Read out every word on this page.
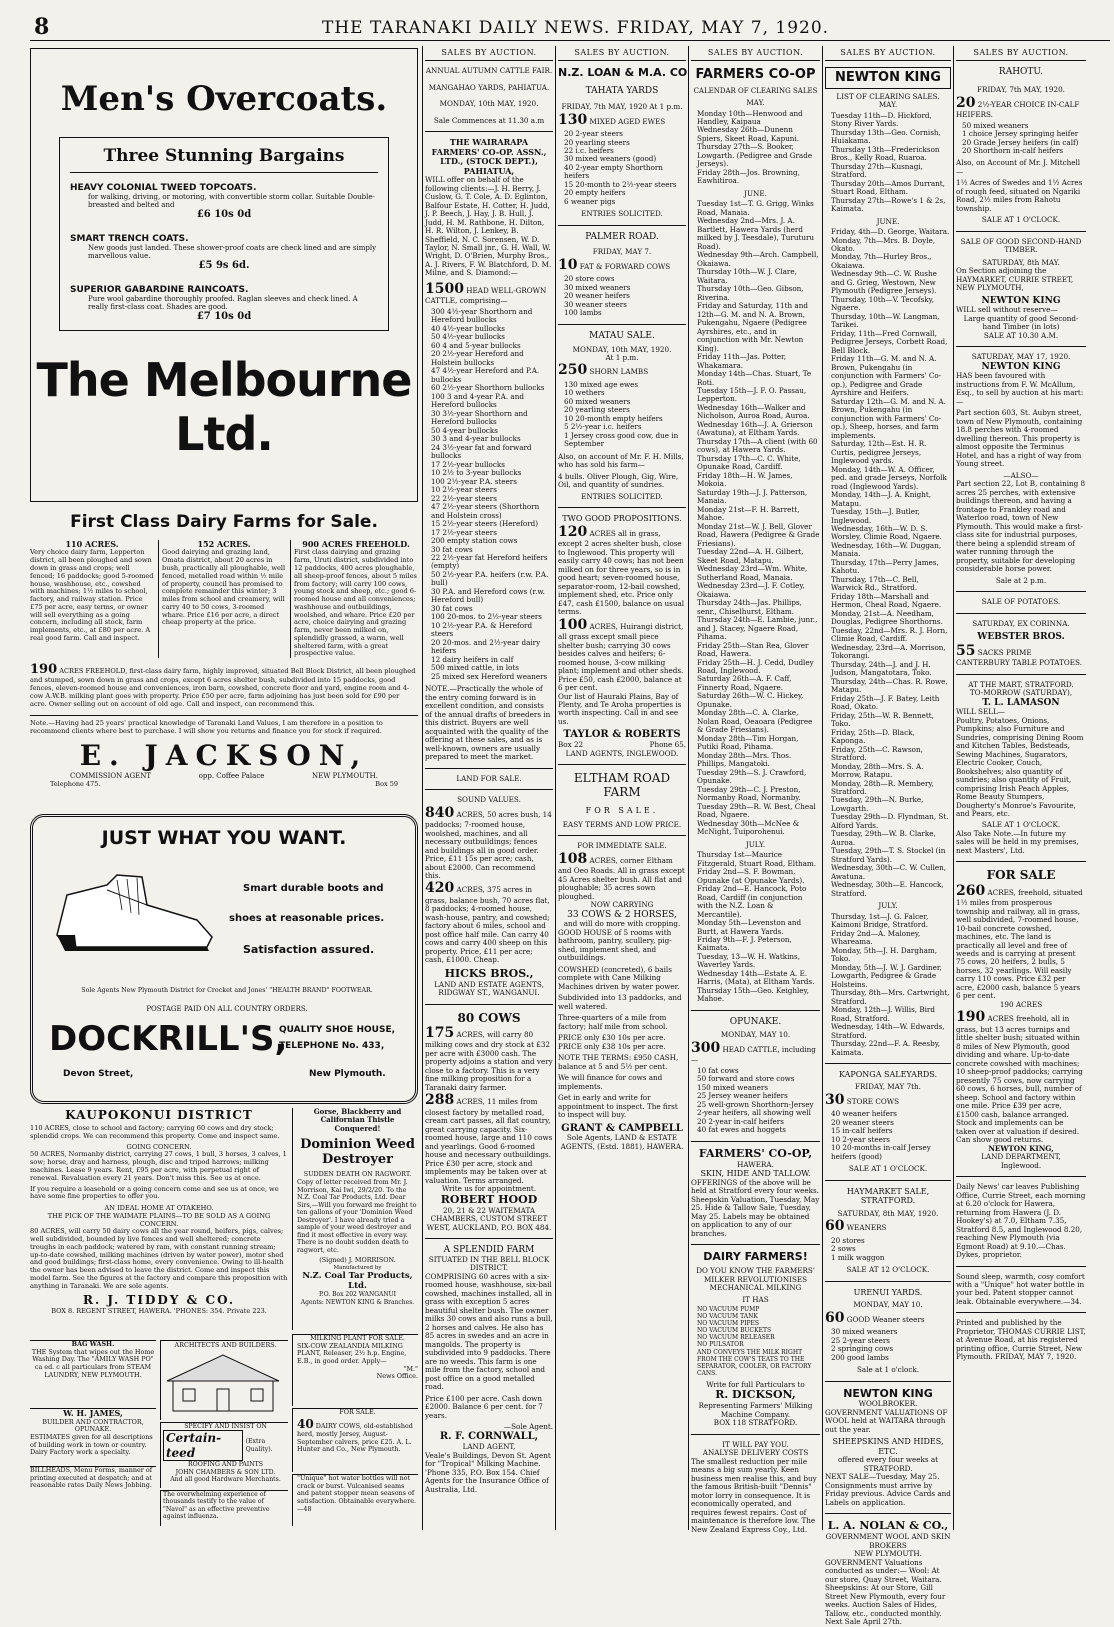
8	THE TARANAKI DAILY NEWS. FRIDAY, MAY 7, 1920.
Men's Overcoats.
Three Stunning Bargains
HEAVY COLONIAL TWEED TOPCOATS.
for walking, driving, or motoring, with convertible storm collar. Suitable Double-breasted and belted and
£6 10s 0d
SMART TRENCH COATS.
New goods just landed. These shower-proof coats are check lined and are simply marvellous value.
£5 9s 6d.
SUPERIOR GABARDINE RAINCOATS.
Pure wool gabardine thoroughly proofed. Raglan sleeves and check lined. A really first-class coat. Shades are good.
£7 10s 0d
The Melbourne Ltd.
First Class Dairy Farms for Sale.
110 ACRES.
Very choice dairy farm, Lepperton district, all been ploughed and sown down in grass and crops; well fenced; 16 paddocks; good 5-roomed house, washhouse, etc., cowshed with machines; 1½ miles to school, factory, and railway station. Price £75 per acre, easy terms, or owner will sell everything as a going concern, including all stock, farm implements, etc., at £80 per acre. A real good farm. Call and inspect.
152 ACRES.
Good dairying and grazing land, Omata district, about 20 acres in bush, practically all ploughable, well fenced, metalled road within ½ mile of property, council has promised to complete remainder this winter; 3 miles from school and creamery, will carry 40 to 50 cows, 3-roomed whare. Price £16 per acre, a direct cheap property at the price.
900 ACRES FREEHOLD.
First class dairying and grazing farm, Uruti district, subdivided into 12 paddocks, 400 acres ploughable, all sheep-proof fences, about 5 miles from factory; will carry 100 cows, young stock and sheep, etc.; good 6-roomed house and all conveniences; washhouse and outbuildings, woolshed, and whare. Price £20 per acre, choice dairying and grazing farm, never been milked on, splendidly grassed, a warm, well sheltered farm, with a great prospective value.
190 ACRES FREEHOLD, first-class dairy farm, highly improved, situated Bell Block District, all been ploughed and stumped, sown down in grass and crops, except 6 acres shelter bush, subdivided into 15 paddocks, good fences, eleven-roomed house and conveniences, iron barn, cowshed, concrete floor and yard, engine room and 4-cow A.W.B. milking plant goes with property. Price £50 per acre, farm adjoining has just been sold for £90 per acre. Owner selling out on account of old age. Call and inspect, can recommend this.
Note.—Having had 25 years' practical knowledge of Taranaki Land Values, I am therefore in a position to recommend clients where best to purchase. I will show you returns and finance you for stock if required.
E. JACKSON,
COMMISSION AGENT	opp. Coffee Palace	NEW PLYMOUTH.
Telephone 475.	Box 59
JUST WHAT YOU WANT.
Smart durable boots and
shoes at reasonable prices.
Satisfaction assured.
Sole Agents New Plymouth District for Crocket and Jones' "HEALTH BRAND" FOOTWEAR.
POSTAGE PAID ON ALL COUNTRY ORDERS.
DOCKRILL'S,
QUALITY SHOE HOUSE,
TELEPHONE No. 433,
Devon Street,	New Plymouth.
KAUPOKONUI DISTRICT

110 ACRES, close to school and factory; carrying 60 cows and dry stock; splendid crops. We can recommend this property. Come and inspect same.

GOING CONCERN.

50 ACRES, Normanby district, carrying 27 cows, 1 bull, 3 horses, 3 calves, 1 sow; horse, dray and harness, plough, disc and tripod harrows; milking machines. Lease 9 years. Rent, £95 per acre, with perpetual right of renewal. Revaluation every 21 years. Don't miss this. See us at once.

If you require a leasehold or a going concern come and see us at once, we have some fine properties to offer you.

AN IDEAL HOME AT OTAKEHO.
THE PICK OF THE WAIMATE PLAINS—TO BE SOLD AS A GOING CONCERN.

80 ACRES, will carry 50 dairy cows all the year round, heifers, pigs, calves; well subdivided, bounded by live fences and well sheltered; concrete troughs in each paddock; watered by ram, with constant running stream; up-to-date cowshed, milking machines (driven by water power), motor shed and good buildings; first-class home, every convenience. Owing to ill-health the owner has been advised to leave the district. Come and inspect this model farm. See the figures at the factory and compare this proposition with anything in Taranaki. We are sole agents.

R. J. TIDDY & CO.
BOX 8. REGENT STREET, HAWERA. 'PHONES: 354. Private 223.
Gorse, Blackberry and Californian Thistle Conquered!
Dominion Weed Destroyer
SUDDEN DEATH ON RAGWORT.

Copy of letter received from Mr. J. Morrison, Kai Iwi, 29/2/20. To the N.Z. Coal Tar Products, Ltd. Dear Sirs,—Will you forward me freight to ten gallons of your 'Dominion Weed Destroyer'. I have already tried a sample of your weed destroyer and find it most effective in every way. There is no doubt sudden death to ragwort, etc.

(Signed) J. MORRISON.
Manufactured by
N.Z. Coal Tar Products, Ltd.
P.O. Box 202 WANGANUI
Agents: NEWTON KING & Branches.
BAG WASH.
THE System that wipes out the Home Washing Day. The "AMILY WASH PO" ca ed. c all particulars from STEAM LAUNDRY, NEW PLYMOUTH.
ARCHITECTS AND BUILDERS.
W. H. JAMES,
BUILDER AND CONTRACTOR, OPUNAKE.
ESTIMATES given for all descriptions of building work in town or country. Dairy Factory work a specialty.
SPECIFY AND INSIST ON
Certain-teed
(Extra Quality).
ROOFING AND PAINTS
JOHN CHAMBERS & SON LTD.
And all good Hardware Merchants.
BILLHEADS, Menu Forms, manner of printing executed at despatch; and at reasonable rates Daily News Jobbing.
The overwhelming experience of thousands testify to the value of "Navol" as an effective preventive against influenza.
MILKING PLANT FOR SALE.
SIX-COW ZEALANDIA MILKING PLANT, Releaser, 2½ h.p. Engine, E.B., in good order. Apply—
"M."
News Office.
FOR SALE.
40 DAIRY COWS, old-established herd, mostly Jersey, August-September calvers, price £25. A. L. Hunter and Co., New Plymouth.
"Unique" hot water bottles will not crack or burst. Vulcanised seams and patent stopper mean seasons of satisfaction. Obtainable everywhere.—48
SALES BY AUCTION.
ANNUAL AUTUMN CATTLE FAIR.
MANGAHAO YARDS, PAHIATUA.
MONDAY, 10th MAY, 1920.
Sale Commences at 11.30 a.m
THE WAIRARAPA FARMERS' CO-OP. ASSN., LTD., (STOCK DEPT.), PAHIATUA,

WILL offer on behalf of the following clients:—J. H. Berry, J. Cuslow, G. T. Cole, A. D. Eglinton, Balfour Estate, H. Cotter, H. Judd, J. P. Beech, J. Hay, J. B. Hull, J. Judd, H. M. Rathbone, H. Dilton, H. R. Wilton, J. Lenkey, B. Sheffield, N. C. Sorensen, W. D. Taylor, N. Small jnr., G. H. Wall, W. Wright, D. O'Brien, Murphy Bros., A. J. Rivers, F. W. Blatchford, D. M. Milne, and S. Diamond:—

1500 HEAD WELL-GROWN CATTLE, comprising—
300 4½-year Shorthorn and Hereford bullocks
40 4½-year bullocks
50 4½-year bullocks
60 4 and 5-year bullocks
20 2½-year Hereford and Holstein bullocks
47 4½-year Hereford and P.A. bullocks
60 2½-year Shorthorn bullocks
100 3 and 4-year P.A. and Hereford bullocks
30 3½-year Shorthorn and Hereford bullocks
50 4-year bullocks
30 3 and 4-year bullocks
24 3½-year fat and forward bullocks
17 2½-year bullocks
10 2½ to 3-year bullocks
100 2½-year P.A. steers
10 2½-year steers
22 2½-year steers
47 2½-year steers (Shorthorn and Holstein cross)
15 2½-year steers (Hereford)
17 2½-year steers
200 empty station cows
30 fat cows
22 2½-year fat Hereford heifers (empty)
50 2½-year P.A. heifers (r.w. P.A. bull)
30 P.A. and Hereford cows (r.w. Hereford bull)
30 fat cows
100 20-mos. to 2½-year steers
10 2½-year P.A. & Hereford steers
20 20-mos. and 2½-year dairy heifers
12 dairy heifers in calf
500 mixed cattle, in lots
25 mixed sex Hereford weaners

NOTE.—Practically the whole of the entry coming forward is in excellent condition, and consists of the annual drafts of breeders in this district. Buyers are well acquainted with the quality of the offering at these sales, and as is well-known, owners are usually prepared to meet the market.

LAND FOR SALE.
SOUND VALUES.
840 ACRES, 50 acres bush, 14 paddocks; 7-roomed house, woolshed, machines, and all necessary outbuildings; fences and buildings all in good order. Price, £11 15s per acre; cash, about £2000. Can recommend this.
420 ACRES, 375 acres in grass, balance bush, 70 acres flat, 8 paddocks; 4-roomed house, wash-house, pantry, and cowshed; factory about 6 miles, school and post office half mile. Can carry 40 cows and carry 400 sheep on this property. Price, £11 per acre; cash, £1000. Cheap.
HICKS BROS.,
LAND AND ESTATE AGENTS,
RIDGWAY ST., WANGANUI.
80 COWS
175 ACRES, will carry 80 milking cows and dry stock at £32 per acre with £3000 cash. The property adjoins a station and very close to a factory. This is a very fine milking proposition for a Taranaki dairy farmer.
288 ACRES, 11 miles from closest factory by metalled road, cream cart passes, all flat country, great carrying capacity. Six-roomed house, large and 110 cows and yearlings. Good 6-roomed house and necessary outbuildings. Price £30 per acre, stock and implements may be taken over at valuation. Terms arranged.
Write us for appointment.
ROBERT HOOD
20, 21 & 22 WAITEMATA CHAMBERS, CUSTOM STREET WEST, AUCKLAND, P.O. BOX 484.
A SPLENDID FARM
SITUATED IN THE BELL BLOCK DISTRICT.

COMPRISING 60 acres with a six-roomed house, washhouse, six-bail cowshed, machines installed, all in grass with exception 5 acres beautiful shelter bush. The owner milks 30 cows and also runs a bull, 2 horses and calves. He also has 85 acres in swedes and an acre in mangolds. The property is subdivided into 9 paddocks. There are no weeds. This farm is one mile from the factory, school and post office on a good metalled road.

Price £100 per acre. Cash down £2000. Balance 6 per cent. for 7 years.

—Sole Agent.
R. F. CORNWALL,
LAND AGENT,
Veale's Buildings, Devon St. Agent for "Tropical" Milking Machine. 'Phone 335, P.O. Box 154. Chief Agents for the Insurance Office of Australia, Ltd.
SALES BY AUCTION.
N.Z. LOAN & M.A. CO
TAHATA YARDS
FRIDAY, 7th MAY, 1920 At 1 p.m.
130 MIXED AGED EWES
20 2-year steers
20 yearling steers
22 i.c. heifers
30 mixed weaners (good)
40 2-year empty Shorthorn heifers
15 20-month to 2½-year steers
20 empty heifers
6 weaner pigs
ENTRIES SOLICITED.
PALMER ROAD.
FRIDAY, MAY 7.
10 FAT & FORWARD COWS
20 store cows
30 mixed weaners
20 weaner heifers
30 weaner steers
100 lambs
MATAU SALE.
MONDAY, 10th MAY, 1920.
At 1 p.m.
250 SHORN LAMBS
130 mixed age ewes
10 wethers
60 mixed weaners
20 yearling steers
10 20-month empty heifers
5 2½-year i.c. heifers
1 Jersey cross good cow, due in September

Also, on account of Mr. F. H. Mills, who has sold his farm—

4 bulls. Oliver Plough, Gig, Wire, Oil, and quantity of sundries.

ENTRIES SOLICITED.
TWO GOOD PROPOSITIONS.
120 ACRES all in grass, except 2 acres shelter bush, close to Inglewood. This property will easily carry 40 cows; has not been milked on for three years, so is in good heart; seven-roomed house, separator-room, 12-bail cowshed, implement shed, etc. Price only £47, cash £1500, balance on usual terms.
100 ACRES, Huirangi district, all grass except small piece shelter bush; carrying 30 cows besides calves and heifers; 6-roomed house, 3-cow milking plant; implement and other sheds. Price £50, cash £2000, balance at 6 per cent.

Our list of Hauraki Plains, Bay of Plenty, and Te Aroha properties is worth inspecting. Call in and see us.

TAYLOR & ROBERTS
Box 22	Phone 65.
LAND AGENTS, INGLEWOOD.
ELTHAM ROAD FARM
FOR SALE.
EASY TERMS AND LOW PRICE.
FOR IMMEDIATE SALE.
108 ACRES, corner Eltham and Oeo Roads. All in grass except 45 Acres shelter bush. All flat and ploughable; 35 acres sown ploughed.
NOW CARRYING
33 COWS & 2 HORSES,
and will do more with cropping.

GOOD HOUSE of 5 rooms with bathroom, pantry, scullery, pig-shed, implement shed, and outbuildings.

COWSHED (concreted), 6 bails complete with Cane Milking Machines driven by water power.

Subdivided into 13 paddocks, and well watered.

Three-quarters of a mile from factory; half mile from school.

PRICE only £30 10s per acre. PRICE only £38 10s per acre.

NOTE THE TERMS: £950 CASH, balance at 5 and 5½ per cent.

We will finance for cows and implements.

Get in early and write for appointment to inspect. The first to inspect will buy.

GRANT & CAMPBELL
Sole Agents, LAND & ESTATE AGENTS, (Estd. 1881), HAWERA.
SALES BY AUCTION.
FARMERS CO-OP
CALENDAR OF CLEARING SALES
MAY.
Monday 10th—Henwood and Handley, Kaipaua
Wednesday 26th—Dunenn Spiers, Skeet Road, Kapuni.
Thursday 27th—S. Booker, Lowgarth. (Pedigree and Grade Jerseys).
Friday 28th—Jos. Browning, Eawhitiroa.
JUNE.
Tuesday 1st—T. G. Grigg, Winks Road, Manaia.
Wednesday 2nd—Mrs. J. A. Bartlett, Hawera Yards (herd milked by J. Teesdale), Turuturu Road).
Wednesday 9th—Arch. Campbell, Okaiawa.
Thursday 10th—W. J. Clare, Waitara.
Thursday 10th—Geo. Gibson, Riverina.
Friday and Saturday, 11th and 12th—G. M. and N. A. Brown, Pukengahu, Ngaere (Pedigree Ayrshires, etc., and in conjunction with Mr. Newton King).
Friday 11th—Jas. Potter, Whakamara.
Monday 14th—Chas. Stuart, Te Roti.
Tuesday 15th—J. F. O. Passau, Lepperton.
Wednesday 16th—Walker and Nicholson, Auroa Road, Auroa.
Wednesday 16th—J. A. Grierson (Awatuna), at Eltham Yards.
Thursday 17th—A client (with 60 cows), at Hawera Yards.
Thursday 17th—C. C. White, Opunake Road, Cardiff.
Friday 18th—H. W. James, Mokoia.
Saturday 19th—J. J. Patterson, Manaia.
Monday 21st—F. H. Barrett, Mahoe.
Monday 21st—W. J. Bell, Glover Road, Hawera (Pedigree & Grade Friesians).
Tuesday 22nd—A. H. Gilbert, Skeet Road, Matapu.
Wednesday 23rd—Wm. White, Sutherland Road, Manaia.
Wednesday 23rd—J. F. Cotley, Okaiawa.
Thursday 24th—Jas. Phillips, senr., Chiselhurst, Eltham.
Thursday 24th—E. Lambie, junr., and J. Stacey, Ngaere Road, Pihama.
Friday 25th—Stan Rea, Glover Road, Hawera.
Friday 25th—H. J. Cedd, Dudley Road, Inglewood.
Saturday 26th—A. F. Caff, Finnerty Road, Ngaere.
Saturday 26th—W. C. Hickey, Opunake.
Monday 28th—C. A. Clarke, Nolan Road, Oeaoara (Pedigree & Grade Friesians).
Monday 28th—Tim Horgan, Putiki Road, Pihama.
Monday 28th—Mrs. Thos. Phillips, Mangatoki.
Tuesday 29th—S. J. Crawford, Opunake.
Tuesday 29th—C. J. Preston, Normanby Road, Normanby.
Tuesday 29th—R. W. Best, Cheal Road, Ngaere.
Wednesday 30th—McNee & McNight, Tuiporohenui.
JULY.
Thursday 1st—Maurice Fitzgerald, Stuart Road, Eltham.
Friday 2nd—S. F. Bowman, Opunake (at Opunake Yards).
Friday 2nd—E. Hancock, Poto Road, Cardiff (in conjunction with the N.Z. Loan & Mercantile).
Monday 5th—Levenston and Burtt, at Hawera Yards.
Friday 9th—F. J. Peterson, Kaimata.
Tuesday, 13—W. H. Watkins, Waverley Yards.
Wednesday 14th—Estate A. E. Harris, (Mata), at Eltham Yards.
Thursday 15th—Geo. Keighley, Mahoe.
OPUNAKE.
MONDAY, MAY 10.
300 HEAD CATTLE, including—
10 fat cows
50 forward and store cows
150 mixed weaners
25 Jersey weaner heifers
25 well-grown Shorthorn-Jersey 2-year heifers, all showing well
20 2-year in-calf heifers
40 fat ewes and hoggets
FARMERS' CO-OP,
HAWERA.
SKIN, HIDE AND TALLOW.

OFFERINGS of the above will be held at Stratford every four weeks. Sheepskin Valuation, Tuesday, May 25. Hide & Tallow Sale, Tuesday, May 25. Labels may be obtained on application to any of our branches.

DAIRY FARMERS!
DO YOU KNOW THE FARMERS' MILKER REVOLUTIONISES MECHANICAL MILKING
IT HAS
NO VACUUM PUMP
NO VACUUM TANK
NO VACUUM PIPES
NO VACUUM BUCKETS
NO VACUUM RELEASER
NO PULSATOR
AND CONVEYS THE MILK RIGHT FROM THE COW'S TEATS TO THE SEPARATOR, COOLER, OR FACTORY CANS.
Write for full Particulars to
R. DICKSON,
Representing Farmers' Milking Machine Company.
BOX 118 STRATFORD.
IT WILL PAY YOU.
ANALYSE DELIVERY COSTS

The smallest reduction per mile means a big sum yearly. Keen business men realise this, and buy the famous British-built "Dennis" motor lorry in consequence. It is economically operated, and requires fewest repairs. Cost of maintenance is therefore low. The New Zealand Express Coy., Ltd.

SALES BY AUCTION.
NEWTON KING
LIST OF CLEARING SALES.
MAY.
Tuesday 11th—D. Hickford, Stony River Yards.
Thursday 13th—Geo. Cornish, Huiakama.
Thursday 13th—Frederickson Bros., Kelly Road, Ruaroa.
Thursday 27th—Kusnagi, Stratford.
Thursday 20th—Amos Durrant, Stuart Road, Eltham.
Thursday 27th—Rowe's 1 & 2s, Kaimata.
JUNE.
Friday, 4th—D. George, Waitara.
Monday, 7th—Mrs. B. Doyle, Okato.
Monday, 7th—Hurley Bros., Okaiawa.
Wednesday 9th—C. W. Rushe and G. Grieg, Westown, New Plymouth (Pedigree Jerseys).
Thursday, 10th—V. Tecofsky, Ngaere.
Thursday, 10th—W. Langman, Tarikei.
Friday, 11th—Fred Cornwall, Pedigree Jerseys, Corbett Road, Bell Block.
Friday 11th—G. M. and N. A. Brown, Pukengahu (in conjunction with Farmers' Co-op.), Pedigree and Grade Ayrshire and Heifers.
Saturday 12th—G. M. and N. A. Brown, Pukengahu (in conjunction with Farmers' Co-op.), Sheep, horses, and farm implements.
Saturday, 12th—Est. H. R. Curtis, pedigree Jerseys, Inglewood yards.
Monday, 14th—W. A. Officer, ped. and grade Jerseys, Norfolk road (Inglewood Yards).
Monday, 14th—J. A. Knight, Matapu.
Tuesday, 15th—J. Butler, Inglewood.
Wednesday, 16th—W. D. S. Worsley, Climie Road, Ngaere.
Wednesday, 16th—W. Duggan, Manaia.
Thursday, 17th—Perry James, Kahotu.
Thursday, 17th—C. Bell, Warwick Rd., Stratford.
Friday 18th—Marshall and Hermon, Cheal Road, Ngaere.
Monday, 21st—A. Needham, Douglas, Pedigree Shorthorns.
Tuesday, 22nd—Mrs. R. J. Horn, Climie Road, Cardiff.
Wednesday, 23rd—A. Morrison, Tokorangi.
Thursday, 24th—J. and J. H. Judson, Mangatotara, Toko.
Thursday, 24th—Chas. R. Rowe, Matapu.
Friday 25th—J. F. Batey, Leith Road, Okato.
Friday, 25th—W. R. Bennett, Toko.
Friday, 25th—D. Black, Kaponga.
Friday, 25th—C. Rawson, Stratford.
Monday, 28th—Mrs. S. A. Morrow, Ratapu.
Monday, 28th—R. Membery, Stratford.
Tuesday, 29th—N. Burke, Lowgarth.
Tuesday 29th—D. Flyndman, St. Alford Yards.
Tuesday, 29th—W. B. Clarke, Auroa.
Tuesday, 29th—T. S. Stockel (in Stratford Yards).
Wednesday, 30th—C. W. Cullen, Awatuna.
Wednesday, 30th—E. Hancock, Stratford.
JULY.
Thursday, 1st—J. G. Falcer, Kaimoni Bridge, Stratford.
Friday 2nd—A. Maloney, Whareama.
Monday, 5th—J. H. Dargham, Toko.
Monday, 5th—J. W. J. Gardiner, Lowgarth, Pedigree & Grade Holsteins.
Thursday, 8th—Mrs. Cartwright, Stratford.
Monday, 12th—J. Willis, Bird Road, Stratford.
Wednesday, 14th—W. Edwards, Stratford.
Thursday, 22nd—F. A. Reesby, Kaimata.
KAPONGA SALEYARDS.
FRIDAY, MAY 7th.
30 STORE COWS
40 weaner heifers
20 weaner steers
15 in-calf heifers
10 2-year steers
10 20-months in-calf Jersey heifers (good)
SALE AT 1 O'CLOCK.
HAYMARKET SALE, STRATFORD.
SATURDAY, 8th MAY, 1920.
60 WEANERS
20 stores
2 sows
1 milk waggon
SALE AT 12 O'CLOCK.
URENUI YARDS.
MONDAY, MAY 10.
60 GOOD Weaner steers
30 mixed weaners
25 2-year steers
2 springing cows
200 good lambs
Sale at 1 o'clock.
NEWTON KING
WOOLBROKER.

GOVERNMENT VALUATIONS OF WOOL held at WAITARA through out the year.

SHEEPSKINS AND HIDES, ETC.
offered every four weeks at STRATFORD.

NEXT SALE—Tuesday, May 25. Consignments must arrive by Friday previous. Advice Cards and Labels on application.

L. A. NOLAN & CO.,
GOVERNMENT WOOL AND SKIN BROKERS
NEW PLYMOUTH.

GOVERNMENT Valuations conducted as under:— Wool: At our store, Quay Street, Waitara. Sheepskins: At our Store, Gill Street New Plymouth, every four weeks. Auction Sales of Hides, Tallow, etc., conducted monthly. Next Sale April 27th.

SALES BY AUCTION.
RAHOTU.
FRIDAY, 7th MAY, 1920.
20 2½-YEAR CHOICE IN-CALF HEIFERS.
50 mixed weaners
1 choice Jersey springing heifer
20 Grade Jersey heifers (in calf)
20 Shorthorn in-calf heifers

Also, on Account of Mr. J. Mitchell—

1½ Acres of Swedes and 1½ Acres of rough feed, situated on Ngariki Road, 2½ miles from Rahotu township.

SALE AT 1 O'CLOCK.
SALE OF GOOD SECOND-HAND TIMBER.
SATURDAY, 8th MAY.

On Section adjoining the HAYMARKET, CURRIE STREET, NEW PLYMOUTH,

NEWTON KING
WILL sell without reserve—
Large quantity of good Second-hand Timber (in lots)
SALE AT 10.30 A.M.
SATURDAY, MAY 17, 1920.
NEWTON KING

HAS been favoured with instructions from F. W. McAllum, Esq., to sell by auction at his mart:—

Part section 603, St. Aubyn street, town of New Plymouth, containing 18.8 perches with 4-roomed dwelling thereon. This property is almost opposite the Terminus Hotel, and has a right of way from Young street.

—ALSO—

Part section 22, Lot B, containing 8 acres 25 perches, with extensive buildings thereon, and having a frontage to Frankley road and Waterloo road, town of New Plymouth. This would make a first-class site for industrial purposes, there being a splendid stream of water running through the property, suitable for developing considerable horse power.

Sale at 2 p.m.
SALE OF POTATOES.
SATURDAY, EX CORINNA.
WEBSTER BROS.
55 SACKS PRIME CANTERBURY TABLE POTATOES.
AT THE MART, STRATFORD.
TO-MORROW (SATURDAY),
T. L. LAMASON
WILL SELL—

Poultry, Potatoes, Onions, Pumpkins; also Furniture and Sundries, comprising Dining Room and Kitchen Tables, Bedsteads, Sewing Machines, Sugarators, Electric Cooker, Couch, Bookshelves; also quantity of sundries; also quantity of Fruit, comprising Irish Peach Apples, Rome Beauty Stumpers, Dougherty's Monroe's Favourite, and Pears, etc.

SALE AT 1 O'CLOCK.

Also Take Note.—In future my sales will be held in my premises, next Masters', Ltd.

FOR SALE
260 ACRES, freehold, situated 1½ miles from prosperous township and railway, all in grass, well subdivided, 7-roomed house, 10-bail concrete cowshed, machines, etc. The land is practically all level and free of weeds and is carrying at present 75 cows, 20 heifers, 2 bulls, 5 horses, 32 yearlings. Will easily carry 110 cows. Price £32 per acre, £2000 cash, balance 5 years 6 per cent.
190 ACRES
190 ACRES freehold, all in grass, but 13 acres turnips and little shelter bush; situated within 8 miles of New Plymouth, good dividing and whare. Up-to-date concrete cowshed with machines; 10 sheep-proof paddocks; carrying presently 75 cows, now carrying 60 cows, 6 horses, bull, number of sheep. School and factory within one mile. Price £39 per acre, £1500 cash, balance arranged. Stock and implements can be taken over at valuation if desired. Can show good returns.
NEWTON KING,
LAND DEPARTMENT,
Inglewood.

Daily News' car leaves Publishing Office, Currie Street, each morning at 6.20 o'clock for Hawera, returning from Hawera (J. D. Hookey's) at 7.0, Eltham 7.35, Stratford 8.5, and Inglewood 8.20, reaching New Plymouth (via Egmont Road) at 9.10.—Chas. Dykes, proprietor.

Sound sleep, warmth, cosy comfort with a "Unique" hot water bottle in your bed. Patent stopper cannot leak. Obtainable everywhere.—34.

Printed and published by the Proprietor, THOMAS CURRIE LIST, at Avenue Road, at his registered printing office, Currie Street, New Plymouth. FRIDAY, MAY 7, 1920.
